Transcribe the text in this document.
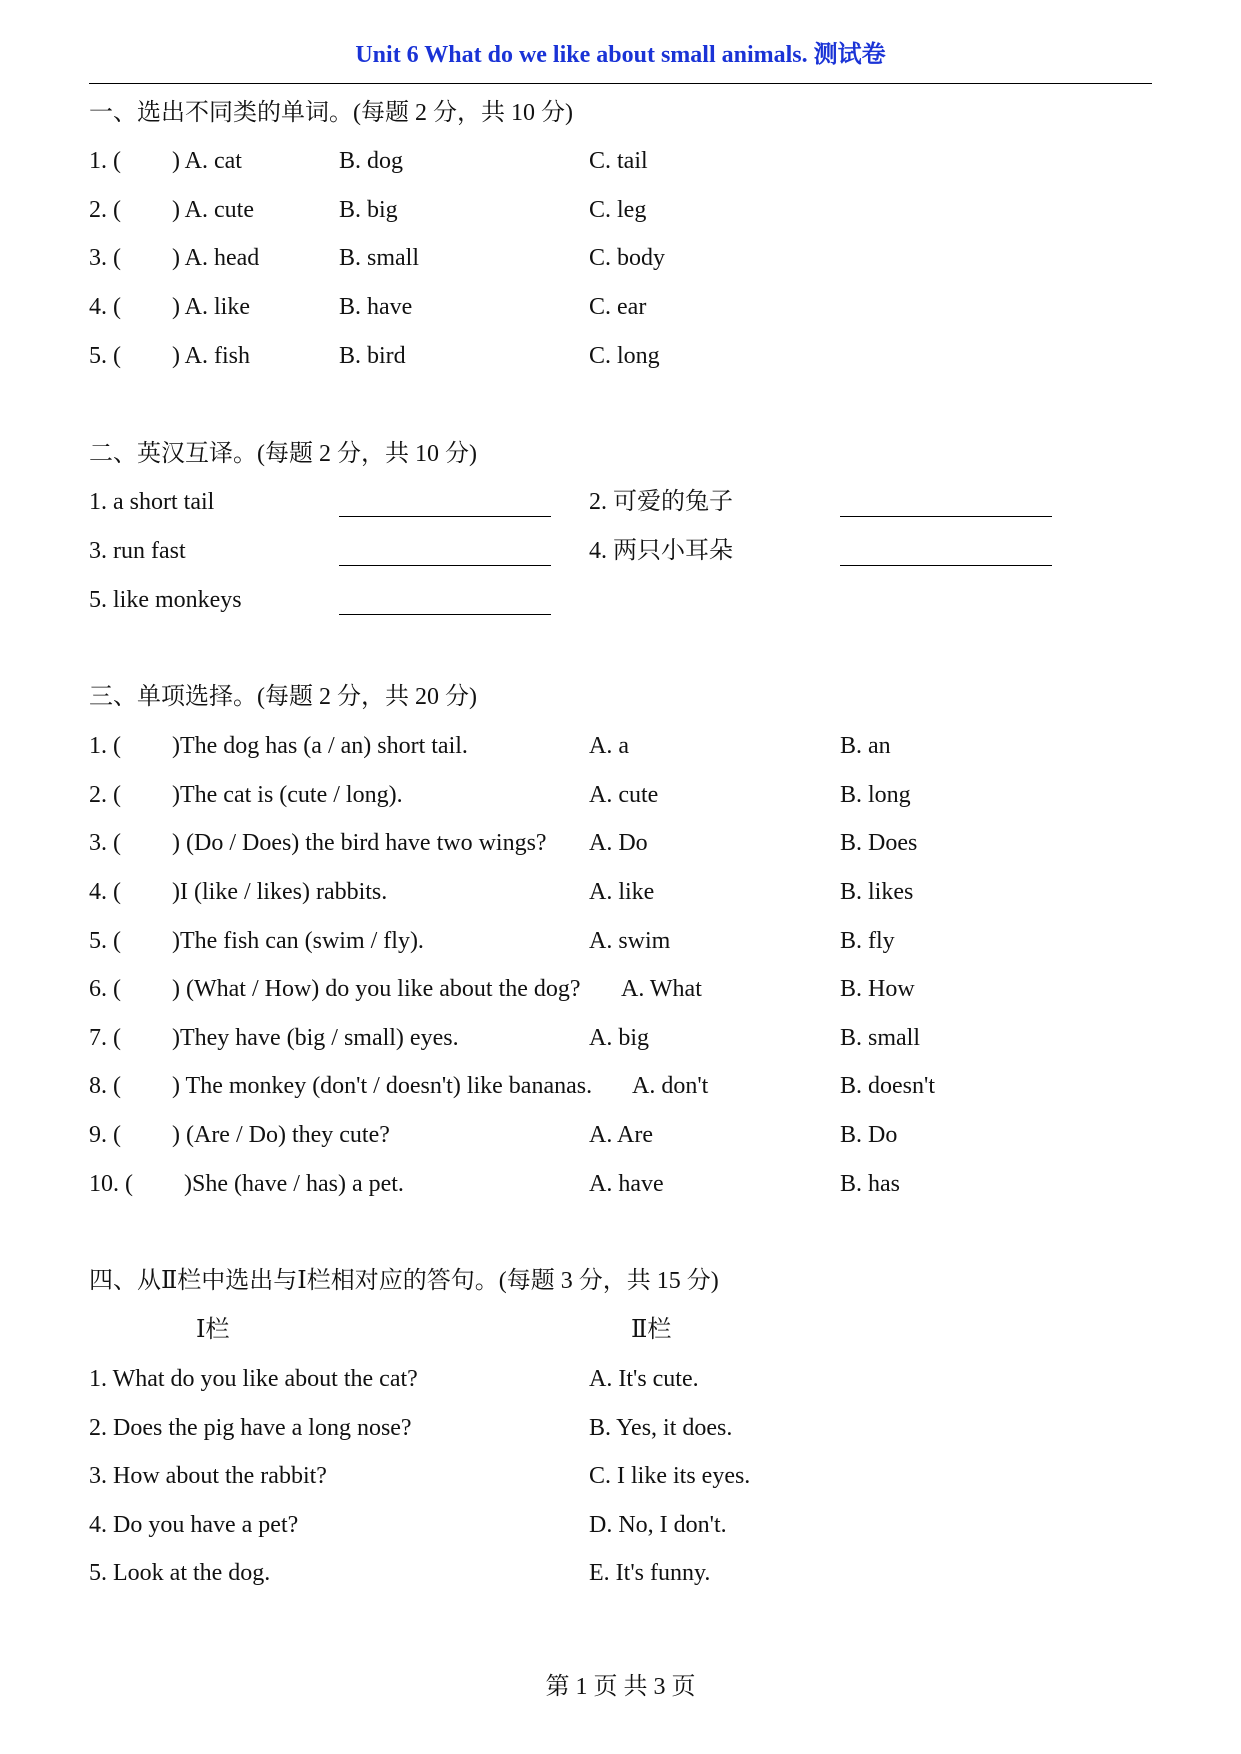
Unit 6 What do we like about small animals. 测试卷
一、选出不同类的单词。(每题 2 分，共 10 分)
1. ( ) A. cat	B. dog	C. tail
2. ( ) A. cute	B. big	C. leg
3. ( ) A. head	B. small	C. body
4. ( ) A. like	B. have	C. ear
5. ( ) A. fish	B. bird	C. long
二、英汉互译。(每题 2 分，共 10 分)
1. a short tail	2. 可爱的兔子
3. run fast	4. 两只小耳朵
5. like monkeys
三、单项选择。(每题 2 分，共 20 分)
1. ( )The dog has (a / an) short tail.	A. a	B. an
2. ( )The cat is (cute / long).	A. cute	B. long
3. ( ) (Do / Does) the bird have two wings? A. Do	B. Does
4. ( )I (like / likes) rabbits.	A. like	B. likes
5. ( )The fish can (swim / fly).	A. swim	B. fly
6. ( ) (What / How) do you like about the dog? A. What	B. How
7. ( )They have (big / small) eyes.	A. big	B. small
8. ( ) The monkey (don't / doesn't) like bananas. A. don't	B. doesn't
9. ( ) (Are / Do) they cute?	A. Are	B. Do
10. ( )She (have / has) a pet.	A. have	B. has
四、从Ⅱ栏中选出与Ⅰ栏相对应的答句。(每题 3 分，共 15 分)
Ⅰ栏	Ⅱ栏
1. What do you like about the cat?	A. It's cute.
2. Does the pig have a long nose?	B. Yes, it does.
3. How about the rabbit?	C. I like its eyes.
4. Do you have a pet?	D. No, I don't.
5. Look at the dog.	E. It's funny.
第 1 页 共 3 页
